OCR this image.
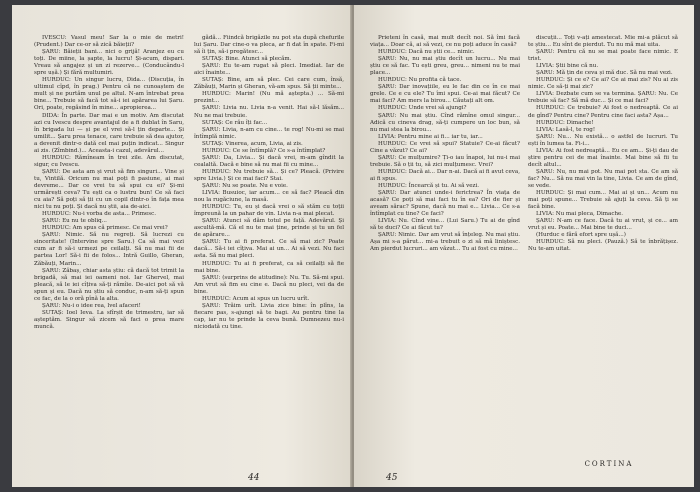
IVESCU: Vasul meu! Sar la o mie de metri! (Prudent.) Dar ce-or să zică băieții?

ȘARU: Băieții bani... nici o grijă! Aranjez eu cu toți. De miine, la șapte, la lucru! Și-acum, dispari. Vreau să angajez și un zi rezerve... (Conducându-l spre ușă.) Și fără multumiri.

HURDUC: Un singur lucru, Dida... (Discuția, în ultimul cîpd, în prag.) Pentru că ne cunoaștem de mult și ne purtăm unul pe altul. N-am întrebat prea bine... Trebuie să facă tot să-i iei apărarea lui Șaru. Ori, poate, regăsind în mine... apropierea...

DIDA: În parte. Dar mai e un motiv. Am discutat azi cu Ivescu despre avantajul de a fi dublat în Saru, în brigada lui — și pe el vrei să-l țin departe... Și umilit... Șaru prea tenace, care trebuie să dea ajutor, a devenit dintr-o dată cel mai puțin indicat... Singur ai zis. (Zîmbind.)... Aceasta-i cazul, adevărul...

HURDUC: Rămîneam în trei zile. Am discutat, sigur, cu Ivescu.

ȘARU: De asta am și vrut să fim singuri... Vine și tu, Vintilă. Oricum nu mai poți fi pasiune, ai mai devreme... Dar ce vrei tu să spui cu ei? Și-mi urmărești ceva? Tu ești ca o lustru bun! Ce să faci cu aia? Să poți să ții cu un copil dintr-o în fața mea nici tu nu poți. Și dacă nu știi, aia de-aici.

HURDUC: Nu-i vorba de asta... Primesc.

ȘARU: Eu nu te obliq...

HURDUC: Am spus că primesc. Ce mai vrei?

ȘARU: Nimic. Să nu regreți. Să lucrezi cu sinceritate! (Intervine spre Saru.) Ca să mai vezi cum ar fi să-i urmezi pe ceilalți. Să nu mai fii de partea Lor! Să-i fii de folos... Intră Guillo, Gheran, Zăbăuți, Marin...

ȘARU: Zăbaș, chiar asta știu: că dacă tot trimit la brigadă, să mai iei oameni noi. Iar Ghervel, mai pleacă, să le iei cîțiva să-ți rămîie. De-aici pot să vă spun și eu. Dacă nu știu să conduc, n-am să-ți spun ce fac, de la o oră pînă la alta.

ȘARU: Nu-i o idee rea, lvel afaceri!

SUTAȘ: Ioel Ieva. La sfîrșit de trimestru, iar să așteptăm. Singur să zicem să faci o prea mare muncă.

gădă... Fiindcă brigăzile nu pot sta după chefurile lui Șaru. Dar cine-o va pleca, ar fi dat în spate. Fi-mi să îi țin, să-i pregătesc...

SUTAȘ: Bine. Atunci să plecăm.

ȘARU: Eu te-am rugat să pleci. Imediat. Iar de aici înainte...

SUTAȘ: Bine, am să plec. Cei care cum, însă, Zăbăuți, Marin și Gheran, vă-am spus. Să ții minte...

HURDUC: Marin! (Nu mă aștepta.) ... Să-mi prezint...

ȘARU: Livia nu. Livia n-a venit. Hai să-l lăsăm... Nu ne mai trebuie.

SUTAȘ: Ce rău îți fac...

ȘARU: Livia, n-am cu cine... te rog! Nu-mi se mai întîmplă nimic.

SUTAȘ: Vinerea, acum, Livia, ai zis.

HURDUC: Ce se întîmplă? Ce s-a întîmplat?

ȘARU: Da, Livia... Și dacă vrei, m-am gîndit la cealaltă. Dacă e bine să nu mai fii cu mine...

HURDUC: Nu trebuie să... Și ce? Pleacă. (Privire spre Livia.) Și ce mai faci? Stai.

ȘARU: Nu se poate. Nu e voie.

LIVIA: Busuioc, iar acum... ce să fac? Pleacă din nou la rugăciune, la masă.

HURDUC: Tu, eu și dacă vrei o să stăm cu toții împreună la un pahar de vin. Livia n-a mai plecat.

ȘARU: Atunci să dăm totul pe față. Adevărul. Și ascultă-mă. Că el nu te mai ține, prinde și tu un fel de apărare...

ȘARU: Tu ai fi preferat. Ce să mai zic? Poate dacă... Să-i iei cîțiva. Mai ai un... Ai să vezi. Nu faci asta. Să nu mai pleci.

HURDUC: Tu ai fi preferat, ca să ceilalți să fie mai bine.

ȘARU: (surprins de atitudine): Nu. Tu. Să-mi spui. Am vrut să fim eu cine e. Dacă nu pleci, vei da de bine.

HURDUC: Acum ai spus un lucru urît.

ȘARU: Trăim urît. Livia zice bine: în plîns, la fiecare pas, s-ajungi să te bagi. Au pentru tine la cap, iar nu te prinde la ceva bună. Dumnezeu nu-i niciodată cu tine.

44

Prieteni în casă, mai mult decît noi. Să îmi facă viața... Doar că, ai să vezi, ce nu poți aduce în casă?

HURDUC: Dacă nu știi ce... nimic.

ȘARU: Nu, nu mai știu decît un lucru... Nu mai știu ce să fac. Tu ești greu, greu... nimeni nu te mai place...

HURDUC: Nu profita că tace.

ȘARU: Dar inovațiile, eu le fac din ce în ce mai grele. Ce e cu ele? Tu îmi spui. Ce-ai mai făcut? Ce mai faci? Am mers la birou... Căutați alt om.

HURDUC: Unde vrei să ajungi?

ȘARU: Nu mai știu. Cînd rămîne omul singur... Adică cu cineva drag, să-ți cumpere un loc bun, să nu mai stea la birou...

LIVIA: Pentru mine ai fi... iar tu, iar...

HURDUC: Ce vrei să spui? Statuie? Ce-ai făcut? Cine a văzut? Ce ai?

ȘARU: Ce mulțumire? Ți-o iau înapoi, lui nu-i mai trebuie. Să o ții tu, să zici mulțumesc. Vrei?

HURDUC: Dacă ai... Dar n-ai. Dacă ai fi avut ceva, ai fi spus.

HURDUC: Încearcă și tu. Ai să vezi.

ȘARU: Dar atunci unde-i ferictrea? În viața de acasă? Ce poți să mai faci tu în ea? Ori de fier și aveam sărac? Spune, dacă nu mai e... Livia... Ce s-a întîmplat cu tine? Ce faci?

LIVIA: Nu. Cînd vine... (Lui Saru.) Tu ai de gînd să te duci? Ce ai făcut tu?

ȘARU: Nimic. Dar am vrut să înțeleg. Nu mai știu. Așa mi s-a părut... mi-a trebuit o zi să mă liniștesc. Am pierdut lucruri... am văzut... Tu ai fost cu mine...

discuții... Toți v-ați amestecat. Mie mi-a plăcut să te știu... Eu sînt de pierdut. Tu nu mă mai uita.

ȘARU: Pentru că nu se mai poate face nimic. E trist.

LIVIA: Știi bine că nu.

ȘARU: Mă țin de ceva și mă duc. Să nu mai vezi.

HURDUC: Și ce e? Ce ai? Ce ai mai zis? Nu ai zis nimic. Ce să-ți mai zic?

LIVIA: Dezbate cum se va termina. ȘARU: Nu. Ce trebuie să fac? Să mă duc... Și ce mai faci?

HURDUC: Ce trebuie? Ai fost o nedreaptă. Ce ai de gînd? Pentru cine? Pentru cine faci asta? Așa...

HURDUC: Dimache!

LIVIA: Lasă-l, te rog!

ȘARU: Nu... Nu există... o astfel de lucruri. Tu ești în lumea ta. Fi-i...

LIVIA: Ai fost nedreaptă... Eu ce am... Și-ți dau de știre pentru cei de mai înainte. Mai bine să fii tu decît altul...

ȘARU: Nu, nu mai pot. Nu mai pot sta. Ce am să fac? Nu... Să nu mai vin la tine, Livia. Ce am de gînd, se vede.

HURDUC: Și mai cum... Mai ai și un... Acum nu mai poți spune... Trebuie să ajuți la ceva. Să ți se facă bine.

LIVIA: Nu mai pleca, Dimache.

ȘARU: N-am ce face. Dacă tu ai vrut, și ce... am vrut și eu. Poate... Mai bine te duci...

(Hurduc e fără efort spre ușă...)

HURDUC: Să nu pleci. (Pauză.) Să te înbrățișez. Nu te-am uitat.

CORTINA
45
